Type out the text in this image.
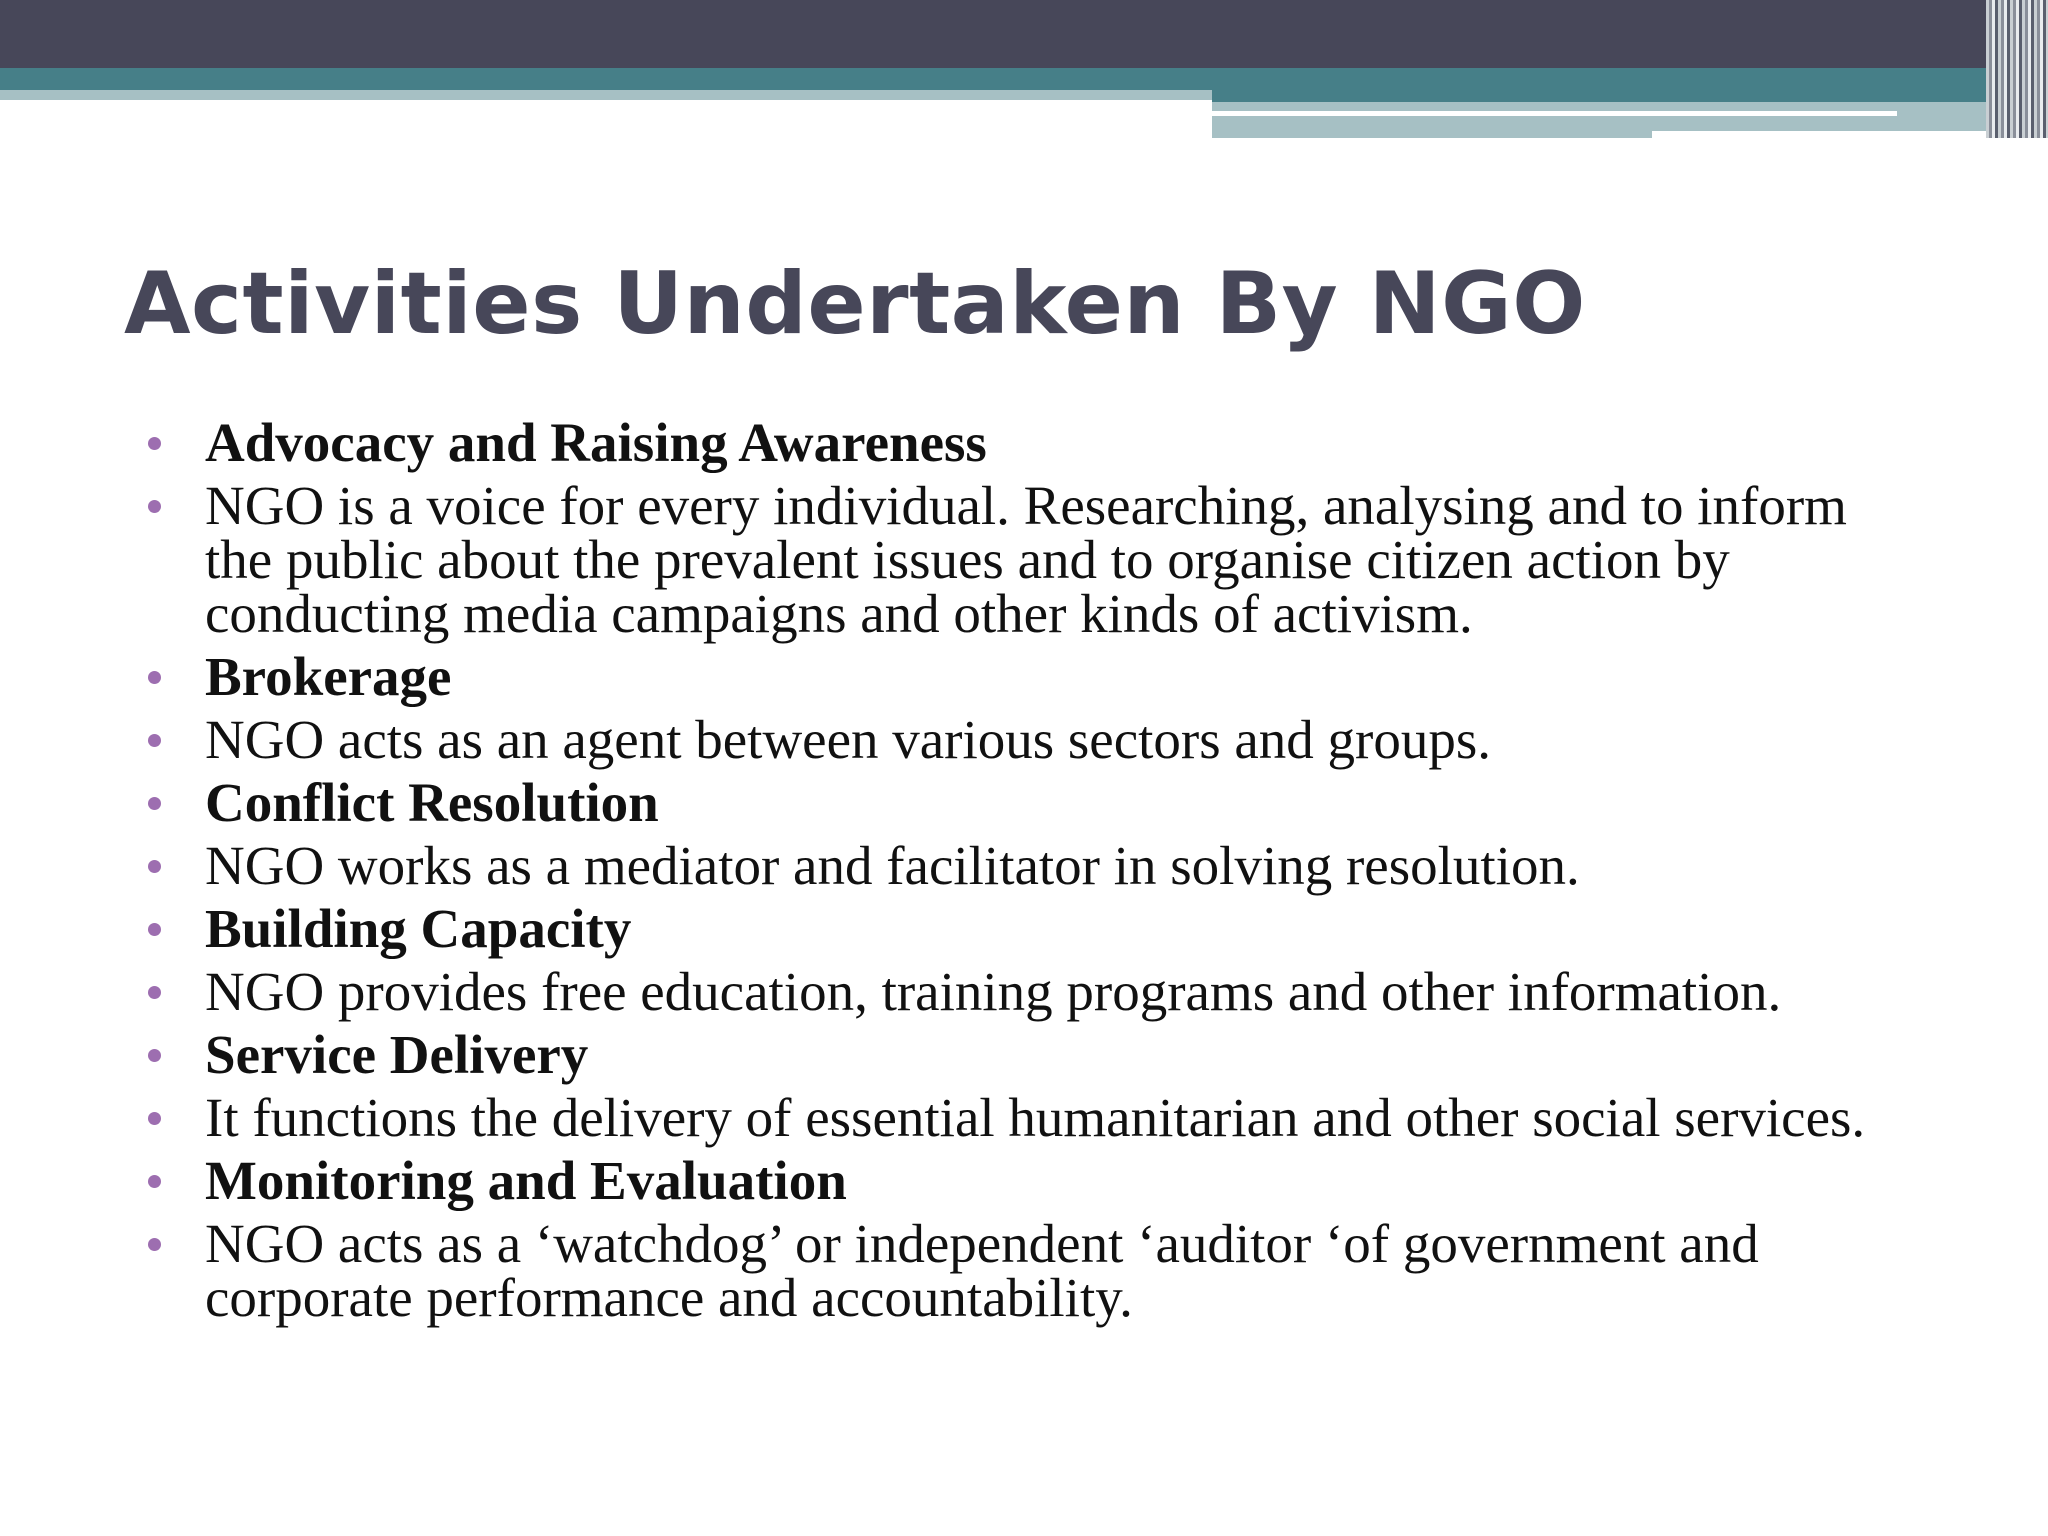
Activities Undertaken By NGO
Advocacy and Raising Awareness
NGO is a voice for every individual. Researching, analysing and to inform the public about the prevalent issues and to organise citizen action by conducting media campaigns and other kinds of activism.
Brokerage
NGO acts as an agent between various sectors and groups.
Conflict Resolution
NGO works as a mediator and facilitator in solving resolution.
Building Capacity
NGO provides free education, training programs and other information.
Service Delivery
It functions the delivery of essential humanitarian and other social services.
Monitoring and Evaluation
NGO acts as a ‘watchdog’ or independent ‘auditor ‘of government and corporate performance and accountability.
